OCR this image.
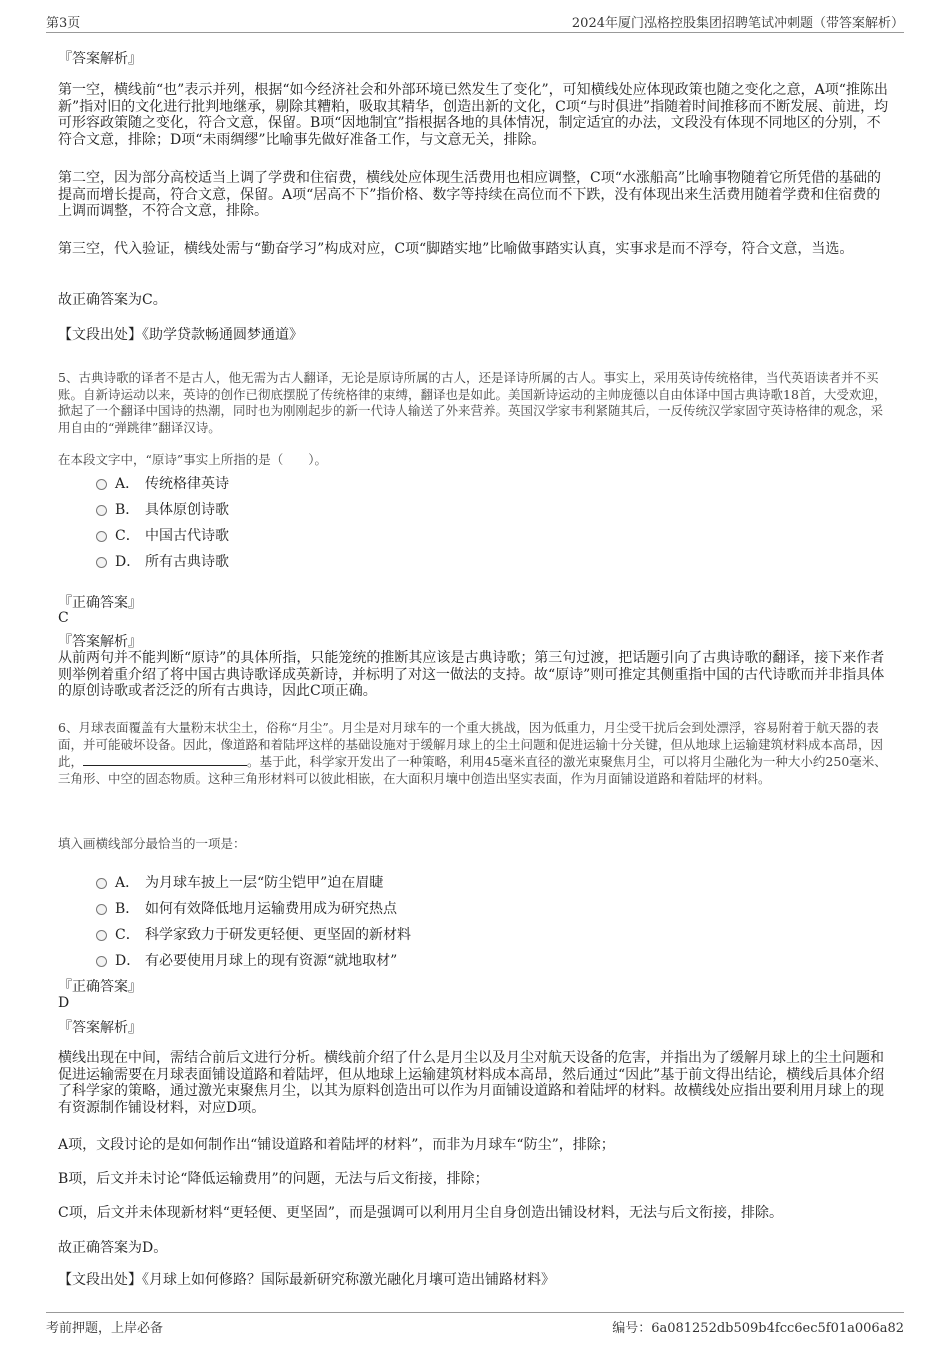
第3页	2024年厦门泓格控股集团招聘笔试冲刺题（带答案解析）
『答案解析』

第一空，横线前“也”表示并列，根据“如今经济社会和外部环境已然发生了变化”，可知横线处应体现政策也随之变化之意，A项“推陈出新”指对旧的文化进行批判地继承，剔除其糟粕，吸取其精华，创造出新的文化，C项“与时俱进”指随着时间推移而不断发展、前进，均可形容政策随之变化，符合文意，保留。B项“因地制宜”指根据各地的具体情况，制定适宜的办法，文段没有体现不同地区的分别，不符合文意，排除；D项“未雨绸缪”比喻事先做好准备工作，与文意无关，排除。

第二空，因为部分高校适当上调了学费和住宿费，横线处应体现生活费用也相应调整，C项“水涨船高”比喻事物随着它所凭借的基础的提高而增长提高，符合文意，保留。A项“居高不下”指价格、数字等持续在高位而不下跌，没有体现出来生活费用随着学费和住宿费的上调而调整，不符合文意，排除。

第三空，代入验证，横线处需与“勤奋学习”构成对应，C项“脚踏实地”比喻做事踏实认真，实事求是而不浮夸，符合文意，当选。

故正确答案为C。

【文段出处】《助学贷款畅通圆梦通道》

5、古典诗歌的译者不是古人，他无需为古人翻译，无论是原诗所属的古人，还是译诗所属的古人。事实上，采用英诗传统格律，当代英语读者并不买账。自新诗运动以来，英诗的创作已彻底摆脱了传统格律的束缚，翻译也是如此。美国新诗运动的主帅庞德以自由体译中国古典诗歌18首，大受欢迎，掀起了一个翻译中国诗的热潮，同时也为刚刚起步的新一代诗人输送了外来营养。英国汉学家韦利紧随其后，一反传统汉学家固守英诗格律的观念，采用自由的“弹跳律”翻译汉诗。

在本段文字中，“原诗”事实上所指的是（　　）。

A． 传统格律英诗
B． 具体原创诗歌
C． 中国古代诗歌
D． 所有古典诗歌
『正确答案』
C
『答案解析』

从前两句并不能判断“原诗”的具体所指，只能笼统的推断其应该是古典诗歌；第三句过渡，把话题引向了古典诗歌的翻译，接下来作者则举例着重介绍了将中国古典诗歌译成英新诗，并标明了对这一做法的支持。故“原诗”则可推定其侧重指中国的古代诗歌而并非指具体的原创诗歌或者泛泛的所有古典诗，因此C项正确。

6、月球表面覆盖有大量粉末状尘土，俗称“月尘”。月尘是对月球车的一个重大挑战，因为低重力，月尘受干扰后会到处漂浮，容易附着于航天器的表面，并可能破坏设备。因此，像道路和着陆坪这样的基础设施对于缓解月球上的尘土问题和促进运输十分关键，但从地球上运输建筑材料成本高昂，因此，	。基于此，科学家开发出了一种策略，利用45毫米直径的激光束聚焦月尘，可以将月尘融化为一种大小约250毫米、三角形、中空的固态物质。这种三角形材料可以彼此相嵌，在大面积月壤中创造出坚实表面，作为月面铺设道路和着陆坪的材料。

填入画横线部分最恰当的一项是：

A． 为月球车披上一层“防尘铠甲”迫在眉睫
B． 如何有效降低地月运输费用成为研究热点
C． 科学家致力于研发更轻便、更坚固的新材料
D． 有必要使用月球上的现有资源“就地取材”
『正确答案』
D
『答案解析』

横线出现在中间，需结合前后文进行分析。横线前介绍了什么是月尘以及月尘对航天设备的危害，并指出为了缓解月球上的尘土问题和促进运输需要在月球表面铺设道路和着陆坪，但从地球上运输建筑材料成本高昂，然后通过“因此”基于前文得出结论，横线后具体介绍了科学家的策略，通过激光束聚焦月尘，以其为原料创造出可以作为月面铺设道路和着陆坪的材料。故横线处应指出要利用月球上的现有资源制作铺设材料，对应D项。

A项，文段讨论的是如何制作出“铺设道路和着陆坪的材料”，而非为月球车“防尘”，排除；

B项，后文并未讨论“降低运输费用”的问题，无法与后文衔接，排除；

C项，后文并未体现新材料“更轻便、更坚固”，而是强调可以利用月尘自身创造出铺设材料，无法与后文衔接，排除。

故正确答案为D。

【文段出处】《月球上如何修路？国际最新研究称激光融化月壤可造出铺路材料》

考前押题，上岸必备	编号：6a081252db509b4fcc6ec5f01a006a82
